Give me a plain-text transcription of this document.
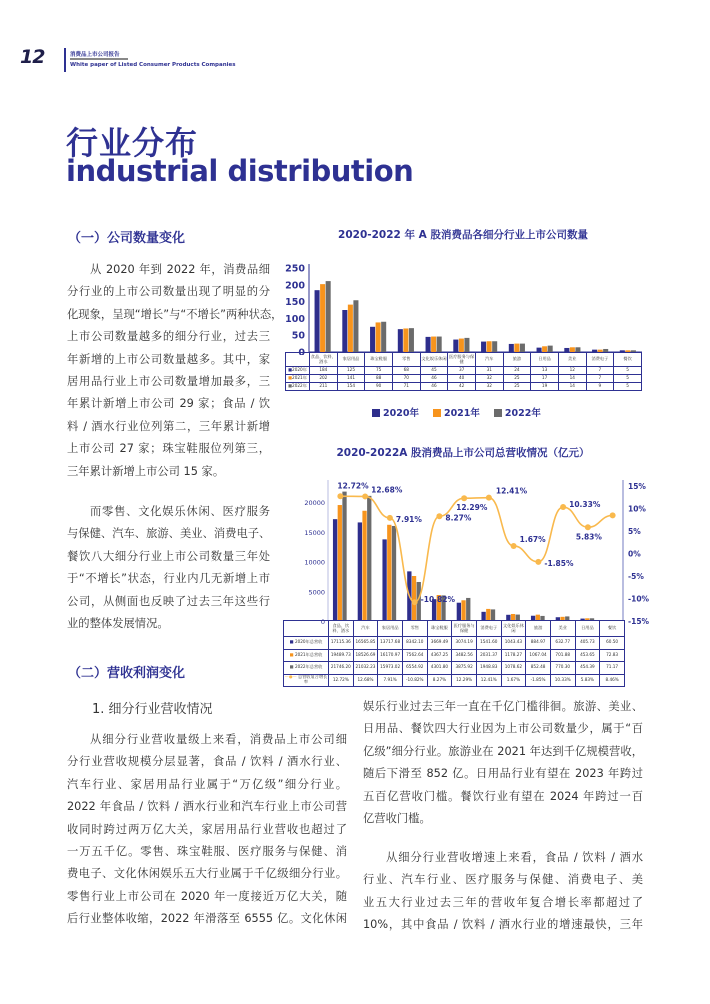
12	消费品上市公司报告
White paper of Listed Consumer Products Companies
行业分布
industrial distribution
（一）公司数量变化
从 2020 年到 2022 年，消费品细
分行业的上市公司数量出现了明显的分
化现象，呈现“增长”与“不增长”两种状态，
上市公司数量越多的细分行业，过去三
年新增的上市公司数量越多。其中，家
居用品行业上市公司数量增加最多，三
年累计新增上市公司 29 家；食品 / 饮
料 / 酒水行业位列第二，三年累计新增
上市公司 27 家；珠宝鞋服位列第三，
三年累计新增上市公司 15 家。
而零售、文化娱乐休闲、医疗服务
与保健、汽车、旅游、美业、消费电子、
餐饮八大细分行业上市公司数量三年处
于“不增长”状态，行业内几无新增上市
公司，从侧面也反映了过去三年这些行
业的整体发展情况。
（二）营收利润变化
1. 细分行业营收情况
从细分行业营收量级上来看，消费品上市公司细
分行业营收规模分层显著，食品 / 饮料 / 酒水行业、
汽车行业、家居用品行业属于“万亿级”细分行业。
2022 年食品 / 饮料 / 酒水行业和汽车行业上市公司营
收同时跨过两万亿大关，家居用品行业营收也超过了
一万五千亿。零售、珠宝鞋服、医疗服务与保健、消
费电子、文化休闲娱乐五大行业属于千亿级细分行业。
零售行业上市公司在 2020 年一度接近万亿大关，随
后行业整体收缩，2022 年滑落至 6555 亿。文化休闲
娱乐行业过去三年一直在千亿门槛徘徊。旅游、美业、
日用品、餐饮四大行业因为上市公司数量少，属于“百
亿级”细分行业。旅游业在 2021 年达到千亿规模营收，
随后下滑至 852 亿。日用品行业有望在 2023 年跨过
五百亿营收门槛。餐饮行业有望在 2024 年跨过一百
亿营收门槛。
从细分行业营收增速上来看，食品 / 饮料 / 酒水
行业、汽车行业、医疗服务与保健、消费电子、美
业五大行业过去三年的营收年复合增长率都超过了
10%，其中食品 / 饮料 / 酒水行业的增速最快，三年
2020-2022 年 A 股消费品各细分行业上市公司数量
0
50
100
150
200
250
	食品、饮料、酒水	家居用品	珠宝鞋服	零售	文化娱乐休闲	医疗服务与保健	汽车	旅游	日用品	美业	消费电子	餐饮
■2020年	184	125	75	68	45	37	31	24	13	12	7	5
■2021年	202	141	88	70	46	40	32	25	17	14	7	5
■2022年	211	154	90	71	46	42	32	25	19	14	9	5
2020年	2021年	2022年
2020-2022A 股消费品上市公司总营收情况（亿元）
0
5000
10000
15000
20000
-15%
-10%
-5%
0%
5%
10%
15%
12.72% 12.68%
7.91%
-10.82%
8.27%
12.29%
12.41%
1.67%
-1.85%
10.33%
5.83%
	食品、饮料、酒水	汽车	家居用品	零售	珠宝鞋服	医疗服务与保健	消费电子	文化娱乐休闲	旅游	美业	日用品	餐饮
■ 2020年总营收	17115.36	16565.85	13717.68	8342.10	3669.49	3074.19	1541.60	1043.43	884.97	632.77	405.73	60.50
■ 2021年总营收	19489.73	18526.69	16170.97	7562.64	4367.25	3482.56	2031.37	1178.27	1067.04	701.88	453.65	72.83
■ 2022年总营收	21746.20	21032.23	15973.02	6554.92	4301.80	3875.92	1948.83	1078.62	852.48	770.30	454.39	71.17
—●— 总营收复合增长率	12.72%	12.68%	7.91%	-10.82%	8.27%	12.29%	12.41%	1.67%	-1.85%	10.33%	5.83%	8.46%
